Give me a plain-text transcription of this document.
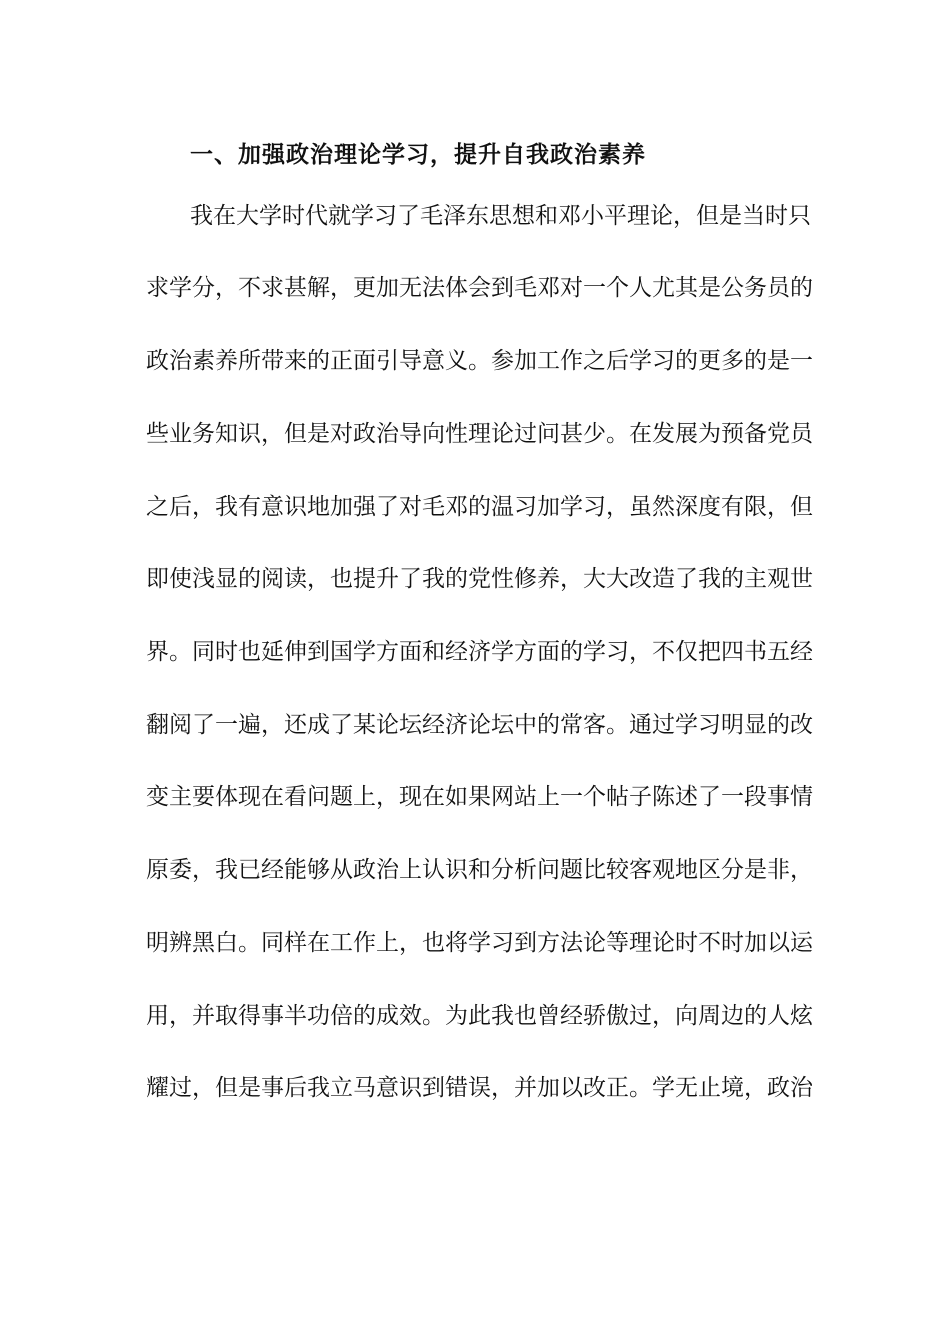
一、加强政治理论学习，提升自我政治素养
我在大学时代就学习了毛泽东思想和邓小平理论，但是当时只
求学分，不求甚解，更加无法体会到毛邓对一个人尤其是公务员的
政治素养所带来的正面引导意义。参加工作之后学习的更多的是一
些业务知识，但是对政治导向性理论过问甚少。在发展为预备党员
之后，我有意识地加强了对毛邓的温习加学习，虽然深度有限，但
即使浅显的阅读，也提升了我的党性修养，大大改造了我的主观世
界。同时也延伸到国学方面和经济学方面的学习，不仅把四书五经
翻阅了一遍，还成了某论坛经济论坛中的常客。通过学习明显的改
变主要体现在看问题上，现在如果网站上一个帖子陈述了一段事情
原委，我已经能够从政治上认识和分析问题比较客观地区分是非，
明辨黑白。同样在工作上，也将学习到方法论等理论时不时加以运
用，并取得事半功倍的成效。为此我也曾经骄傲过，向周边的人炫
耀过，但是事后我立马意识到错误，并加以改正。学无止境，政治
